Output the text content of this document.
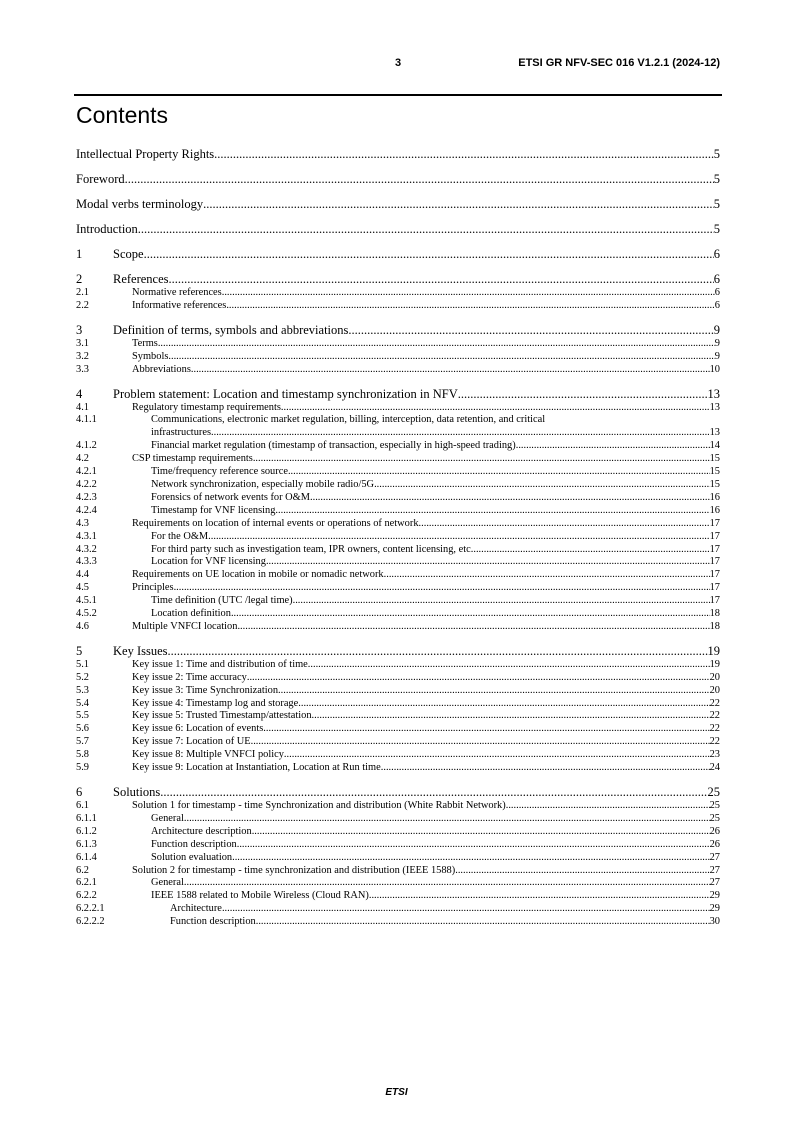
3	ETSI GR NFV-SEC 016 V1.2.1 (2024-12)
Contents
Intellectual Property Rights .....	5
Foreword .....	5
Modal verbs terminology .....	5
Introduction .....	5
1	Scope .....	6
2	References .....	6
2.1	Normative references .....	6
2.2	Informative references .....	6
3	Definition of terms, symbols and abbreviations .....	9
3.1	Terms .....	9
3.2	Symbols .....	9
3.3	Abbreviations .....	10
4	Problem statement: Location and timestamp synchronization in NFV .....	13
4.1	Regulatory timestamp requirements .....	13
4.1.1	Communications, electronic market regulation, billing, interception, data retention, and critical
infrastructures .....	13
4.1.2	Financial market regulation (timestamp of transaction, especially in high-speed trading) .....	14
4.2	CSP timestamp requirements .....	15
4.2.1	Time/frequency reference source .....	15
4.2.2	Network synchronization, especially mobile radio/5G .....	15
4.2.3	Forensics of network events for O&M .....	16
4.2.4	Timestamp for VNF licensing .....	16
4.3	Requirements on location of internal events or operations of network .....	17
4.3.1	For the O&M .....	17
4.3.2	For third party such as investigation team, IPR owners, content licensing, etc. .....	17
4.3.3	Location for VNF licensing .....	17
4.4	Requirements on UE location in mobile or nomadic network .....	17
4.5	Principles .....	17
4.5.1	Time definition (UTC /legal time) .....	17
4.5.2	Location definition .....	18
4.6	Multiple VNFCI location .....	18
5	Key Issues .....	19
5.1	Key issue 1: Time and distribution of time .....	19
5.2	Key issue 2: Time accuracy .....	20
5.3	Key issue 3: Time Synchronization .....	20
5.4	Key issue 4: Timestamp log and storage .....	22
5.5	Key issue 5: Trusted Timestamp/attestation .....	22
5.6	Key issue 6: Location of events .....	22
5.7	Key issue 7: Location of UE .....	22
5.8	Key issue 8: Multiple VNFCI policy .....	23
5.9	Key issue 9: Location at Instantiation, Location at Run time .....	24
6	Solutions .....	25
6.1	Solution 1 for timestamp - time Synchronization and distribution (White Rabbit Network) .....	25
6.1.1	General .....	25
6.1.2	Architecture description .....	26
6.1.3	Function description .....	26
6.1.4	Solution evaluation .....	27
6.2	Solution 2 for timestamp - time synchronization and distribution (IEEE 1588) .....	27
6.2.1	General .....	27
6.2.2	IEEE 1588 related to Mobile Wireless (Cloud RAN) .....	29
6.2.2.1	Architecture .....	29
6.2.2.2	Function description .....	30
ETSI
